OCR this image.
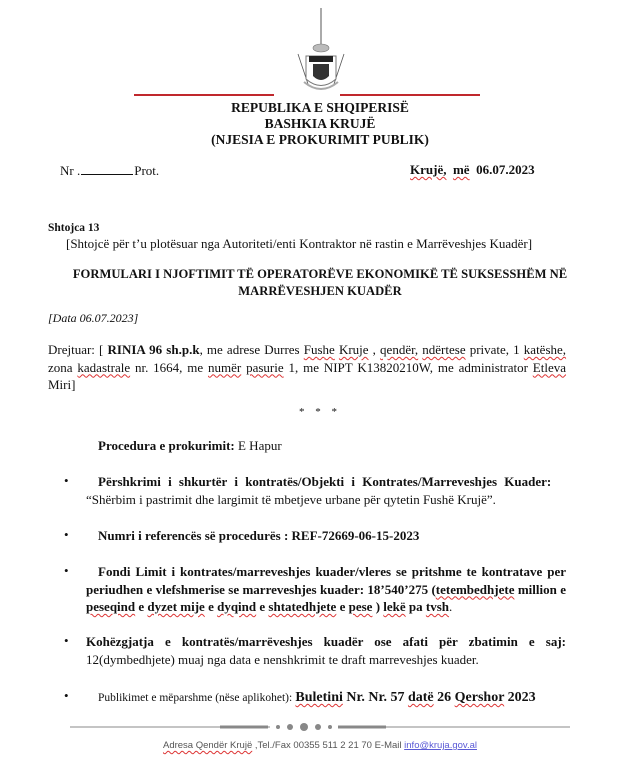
REPUBLIKA E SHQIPERISË
BASHKIA KRUJË
(NJESIA E PROKURIMIT PUBLIK)
Nr .	Prot.	Krujë, më 06.07.2023
Shtojca 13
[Shtojcë për t’u plotësuar nga Autoriteti/enti Kontraktor në rastin e Marrëveshjes Kuadër]
FORMULARI I NJOFTIMIT TË OPERATORËVE EKONOMIKË TË SUKSESSHËM NË
MARRËVESHJEN KUADËR
[Data 06.07.2023]
Drejtuar: [ RINIA 96 sh.p.k, me adrese Durres Fushe Kruje , qendër, ndërtese private, 1 katëshe, zona kadastrale nr. 1664, me numër pasurie 1, me NIPT K13820210W, me administrator Etleva Miri]
* * *
Procedura e prokurimit: E Hapur
•	Përshkrimi i shkurtër i kontratës/Objekti i Kontrates/Marreveshjes Kuader:
“Shërbim i pastrimit dhe largimit të mbetjeve urbane për qytetin Fushë Krujë”.
•	Numri i referencës së procedurës : REF-72669-06-15-2023
•	Fondi Limit i kontrates/marreveshjes kuader/vleres se pritshme te kontratave per periudhen e vlefshmerise se marreveshjes kuader: 18’540’275 (tetembedhjete million e peseqind e dyzet mije e dyqind e shtatedhjete e pese ) lekë pa tvsh.
• Kohëzgjatja e kontratës/marrëveshjes kuadër ose afati për zbatimin e saj: 12(dymbedhjete) muaj nga data e nenshkrimit te draft marreveshjes kuader.
•	Publikimet e mëparshme (nëse aplikohet): Buletini Nr. Nr. 57 datë 26 Qershor 2023
Adresa Qendër Krujë ,Tel./Fax 00355 511 2 21 70 E-Mail info@kruja.gov.al
